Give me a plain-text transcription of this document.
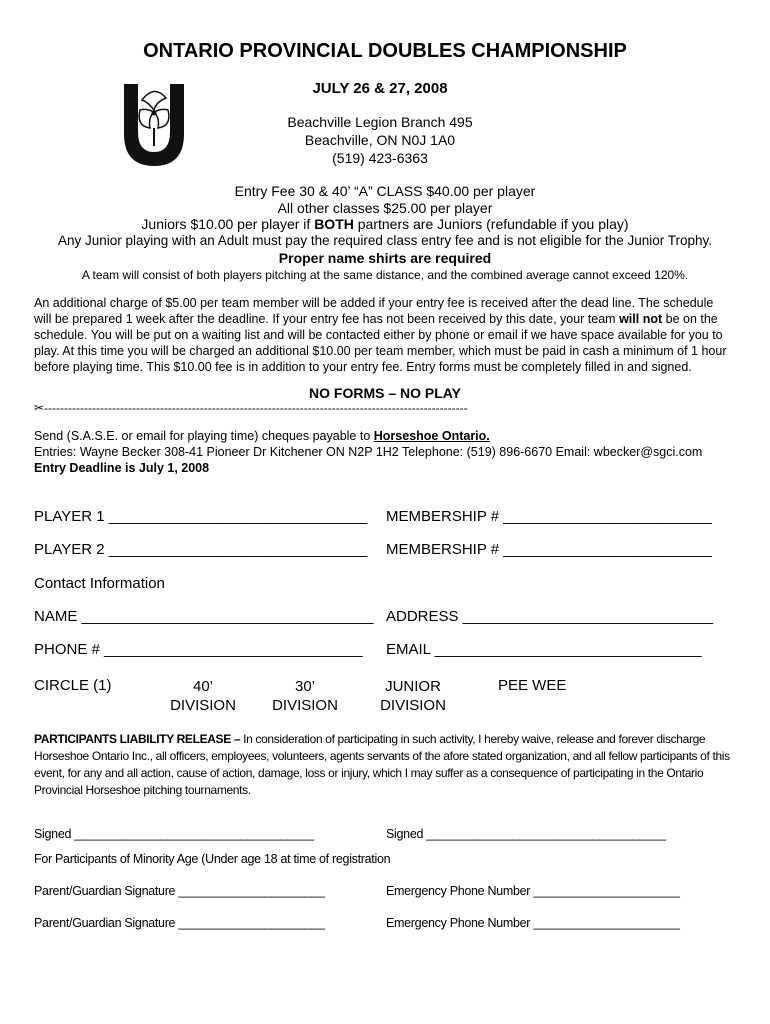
ONTARIO PROVINCIAL DOUBLES CHAMPIONSHIP
JULY 26 & 27, 2008
Beachville Legion Branch 495
Beachville, ON N0J 1A0
(519) 423-6363
Entry Fee 30 & 40’ “A” CLASS $40.00 per player
All other classes $25.00 per player
Juniors $10.00 per player if BOTH partners are Juniors (refundable if you play)
Any Junior playing with an Adult must pay the required class entry fee and is not eligible for the Junior Trophy.
Proper name shirts are required
A team will consist of both players pitching at the same distance, and the combined average cannot exceed 120%.
An additional charge of $5.00 per team member will be added if your entry fee is received after the dead line. The schedule will be prepared 1 week after the deadline. If your entry fee has not been received by this date, your team will not be on the schedule. You will be put on a waiting list and will be contacted either by phone or email if we have space available for you to play. At this time you will be charged an additional $10.00 per team member, which must be paid in cash a minimum of 1 hour before playing time. This $10.00 fee is in addition to your entry fee. Entry forms must be completely filled in and signed.
NO FORMS – NO PLAY
✂----------------------------------------------------------------------------------------------------------
Send (S.A.S.E. or email for playing time) cheques payable to Horseshoe Ontario.
Entries: Wayne Becker 308-41 Pioneer Dr Kitchener ON N2P 1H2 Telephone: (519) 896-6670 Email: wbecker@sgci.com
Entry Deadline is July 1, 2008
PLAYER 1 _______________________________ MEMBERSHIP # _________________________
PLAYER 2 _______________________________ MEMBERSHIP # _________________________
Contact Information
NAME ___________________________________ ADDRESS ______________________________
PHONE # _______________________________ EMAIL ________________________________
CIRCLE (1)	40’
DIVISION
30’
DIVISION
JUNIOR
DIVISION
PEE WEE
PARTICIPANTS LIABILITY RELEASE – In consideration of participating in such activity, I hereby waive, release and forever discharge Horseshoe Ontario Inc., all officers, employees, volunteers, agents servants of the afore stated organization, and all fellow participants of this event, for any and all action, cause of action, damage, loss or injury, which I may suffer as a consequence of participating in the Ontario Provincial Horseshoe pitching tournaments.
Signed ____________________________________	Signed ____________________________________
For Participants of Minority Age (Under age 18 at time of registration
Parent/Guardian Signature ______________________	Emergency Phone Number ______________________
Parent/Guardian Signature ______________________	Emergency Phone Number ______________________
